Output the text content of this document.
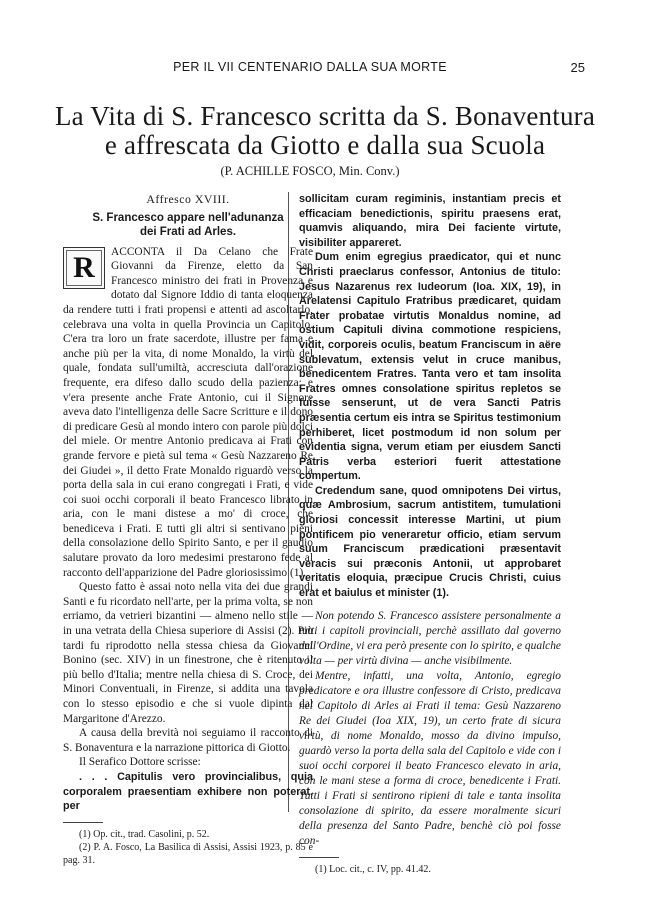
PER IL VII CENTENARIO DALLA SUA MORTE	25
La Vita di S. Francesco scritta da S. Bonaventura
e affrescata da Giotto e dalla sua Scuola
(P. ACHILLE FOSCO, Min. Conv.)
Affresco XVIII.
S. Francesco appare nell'adunanza
dei Frati ad Arles.

R	ACCONTA il Da Celano che Frate Giovanni da Firenze, eletto da San Francesco ministro dei frati in Provenza e dotato dal Signore Iddio di tanta eloquenza da rendere tutti i frati propensi e attenti ad ascoltarlo, celebrava una volta in quella Provincia un Capitolo. C'era tra loro un frate sacerdote, illustre per fama e anche più per la vita, di nome Monaldo, la virtù del quale, fondata sull'umiltà, accresciuta dall'orazione frequente, era difeso dallo scudo della pazienza; e v'era presente anche Frate Antonio, cui il Signore aveva dato l'intelligenza delle Sacre Scritture e il dono di predicare Gesù al mondo intero con parole più dolci del miele. Or mentre Antonio predicava ai Frati con grande fervore e pietà sul tema « Gesù Nazzareno Re dei Giudei », il detto Frate Monaldo riguardò verso la porta della sala in cui erano congregati i Frati, e vide coi suoi occhi corporali il beato Francesco librato in aria, con le mani distese a mo' di croce, che benediceva i Frati. E tutti gli altri si sentivano pieni della consolazione dello Spirito Santo, e per il gaudio salutare provato da loro medesimi prestarono fede al racconto dell'apparizione del Padre gloriosissimo (1).

Questo fatto è assai noto nella vita dei due grandi Santi e fu ricordato nell'arte, per la prima volta, se non erriamo, da vetrieri bizantini — almeno nello stile — in una vetrata della Chiesa superiore di Assisi (2). Più tardi fu riprodotto nella stessa chiesa da Giovanni Bonino (sec. XIV) in un finestrone, che è ritenuto il più bello d'Italia; mentre nella chiesa di S. Croce, dei Minori Conventuali, in Firenze, si addita una tavola con lo stesso episodio e che si vuole dipinta dal Margaritone d'Arezzo.

A causa della brevità noi seguiamo il racconto di S. Bonaventura e la narrazione pittorica di Giotto.

Il Serafico Dottore scrisse:

. . . Capitulis vero provincialibus, quia corporalem praesentiam exhibere non poterat, per

(1) Op. cit., trad. Casolini, p. 52.

(2) P. A. Fosco, La Basilica di Assisi, Assisi 1923, p. 85 e pag. 31.

sollicitam curam regiminis, instantiam precis et efficaciam benedictionis, spiritu praesens erat, quamvis aliquando, mira Dei faciente virtute, visibiliter appareret.

Dum enim egregius praedicator, qui et nunc Christi praeclarus confessor, Antonius de titulo: Jesus Nazarenus rex Iudeorum (Ioa. XIX, 19), in Arelatensi Capitulo Fratribus prædicaret, quidam Frater probatae virtutis Monaldus nomine, ad ostium Capituli divina commotione respiciens, vidit, corporeis oculis, beatum Franciscum in aëre sublevatum, extensis velut in cruce manibus, benedicentem Fratres. Tanta vero et tam insolita Fratres omnes consolatione spiritus repletos se fuisse senserunt, ut de vera Sancti Patris præsentia certum eis intra se Spiritus testimonium perhiberet, licet postmodum id non solum per evidentia signa, verum etiam per eiusdem Sancti Patris verba esteriori fuerit attestatione compertum.

Credendum sane, quod omnipotens Dei virtus, quæ Ambrosium, sacrum antistitem, tumulationi gloriosi concessit interesse Martini, ut pium pontificem pio veneraretur officio, etiam servum suum Franciscum prædicationi præsentavit veracis sui præconis Antonii, ut approbaret veritatis eloquia, præcipue Crucis Christi, cuius erat et baiulus et minister (1).

Non potendo S. Francesco assistere personalmente a tutti i capitoli provinciali, perchè assillato dal governo dell'Ordine, vi era però presente con lo spirito, e qualche volta — per virtù divina — anche visibilmente.

Mentre, infatti, una volta, Antonio, egregio predicatore e ora illustre confessore di Cristo, predicava nel Capitolo di Arles ai Frati il tema: Gesù Nazzareno Re dei Giudei (Ioa XIX, 19), un certo frate di sicura virtù, di nome Monaldo, mosso da divino impulso, guardò verso la porta della sala del Capitolo e vide con i suoi occhi corporei il beato Francesco elevato in aria, con le mani stese a forma di croce, benedicente i Frati. Tutti i Frati si sentirono ripieni di tale e tanta insolita consolazione di spirito, da essere moralmente sicuri della presenza del Santo Padre, benchè ciò poi fosse con-

(1) Loc. cit., c. IV, pp. 41.42.
